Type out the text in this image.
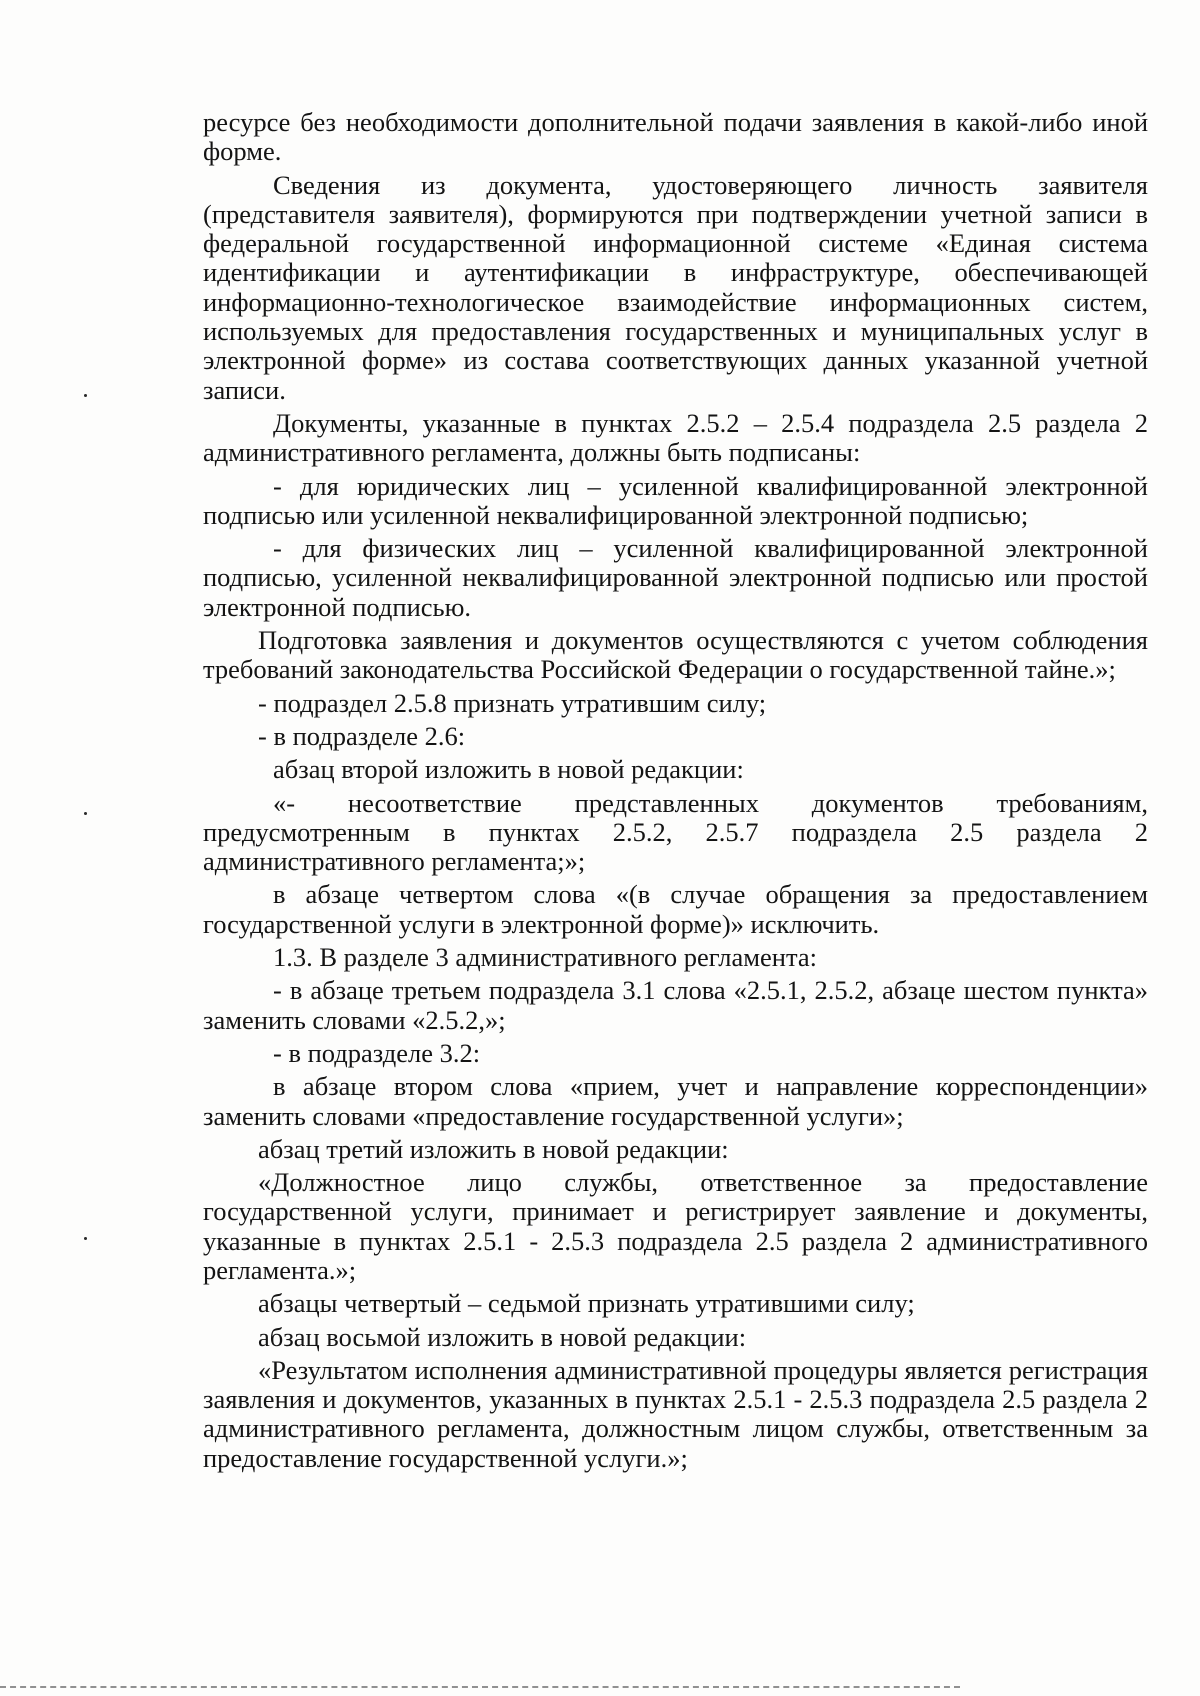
ресурсе без необходимости дополнительной подачи заявления в какой-либо иной форме.

Сведения из документа, удостоверяющего личность заявителя (представителя заявителя), формируются при подтверждении учетной записи в федеральной государственной информационной системе «Единая система идентификации и аутентификации в инфраструктуре, обеспечивающей информационно-технологическое взаимодействие информационных систем, используемых для предоставления государственных и муниципальных услуг в электронной форме» из состава соответствующих данных указанной учетной записи.

Документы, указанные в пунктах 2.5.2 – 2.5.4 подраздела 2.5 раздела 2 административного регламента, должны быть подписаны:

- для юридических лиц – усиленной квалифицированной электронной подписью или усиленной неквалифицированной электронной подписью;

- для физических лиц – усиленной квалифицированной электронной подписью, усиленной неквалифицированной электронной подписью или простой электронной подписью.

Подготовка заявления и документов осуществляются с учетом соблюдения требований законодательства Российской Федерации о государственной тайне.»;

- подраздел 2.5.8 признать утратившим силу;

- в подразделе 2.6:

абзац второй изложить в новой редакции:

«- несоответствие представленных документов требованиям, предусмотренным в пунктах 2.5.2, 2.5.7 подраздела 2.5 раздела 2 административного регламента;»;

в абзаце четвертом слова «(в случае обращения за предоставлением государственной услуги в электронной форме)» исключить.

1.3. В разделе 3 административного регламента:

- в абзаце третьем подраздела 3.1 слова «2.5.1, 2.5.2, абзаце шестом пункта» заменить словами «2.5.2,»;

- в подразделе 3.2:

в абзаце втором слова «прием, учет и направление корреспонденции» заменить словами «предоставление государственной услуги»;

абзац третий изложить в новой редакции:

«Должностное лицо службы, ответственное за предоставление государственной услуги, принимает и регистрирует заявление и документы, указанные в пунктах 2.5.1 - 2.5.3 подраздела 2.5 раздела 2 административного регламента.»;

абзацы четвертый – седьмой признать утратившими силу;

абзац восьмой изложить в новой редакции:

«Результатом исполнения административной процедуры является регистрация заявления и документов, указанных в пунктах 2.5.1 - 2.5.3 подраздела 2.5 раздела 2 административного регламента, должностным лицом службы, ответственным за предоставление государственной услуги.»;
